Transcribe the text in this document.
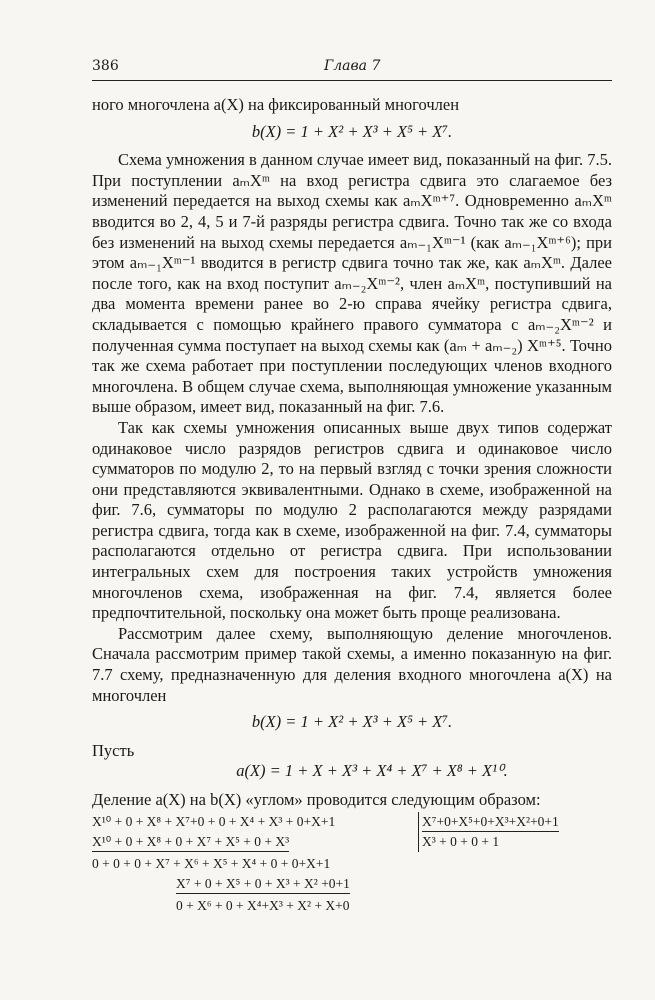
386	Глава 7

ного многочлена a(X) на фиксированный многочлен

b(X) = 1 + X² + X³ + X⁵ + X⁷.

Схема умножения в данном случае имеет вид, показанный на фиг. 7.5. При поступлении aₘXᵐ на вход регистра сдвига это слагаемое без изменений передается на выход схемы как aₘXᵐ⁺⁷. Одновременно aₘXᵐ вводится во 2, 4, 5 и 7-й разряды регистра сдвига. Точно так же со входа без изменений на выход схемы передается aₘ₋₁Xᵐ⁻¹ (как aₘ₋₁Xᵐ⁺⁶); при этом aₘ₋₁Xᵐ⁻¹ вводится в регистр сдвига точно так же, как aₘXᵐ. Далее после того, как на вход поступит aₘ₋₂Xᵐ⁻², член aₘXᵐ, поступивший на два момента времени ранее во 2-ю справа ячейку регистра сдвига, складывается с помощью крайнего правого сумматора с aₘ₋₂Xᵐ⁻² и полученная сумма поступает на выход схемы как (aₘ + aₘ₋₂) Xᵐ⁺⁵. Точно так же схема работает при поступлении последующих членов входного многочлена. В общем случае схема, выполняющая умножение указанным выше образом, имеет вид, показанный на фиг. 7.6.

Так как схемы умножения описанных выше двух типов содержат одинаковое число разрядов регистров сдвига и одинаковое число сумматоров по модулю 2, то на первый взгляд с точки зрения сложности они представляются эквивалентными. Однако в схеме, изображенной на фиг. 7.6, сумматоры по модулю 2 располагаются между разрядами регистра сдвига, тогда как в схеме, изображенной на фиг. 7.4, сумматоры располагаются отдельно от регистра сдвига. При использовании интегральных схем для построения таких устройств умножения многочленов схема, изображенная на фиг. 7.4, является более предпочтительной, поскольку она может быть проще реализована.

Рассмотрим далее схему, выполняющую деление многочленов. Сначала рассмотрим пример такой схемы, а именно показанную на фиг. 7.7 схему, предназначенную для деления входного многочлена a(X) на многочлен

b(X) = 1 + X² + X³ + X⁵ + X⁷.

Пусть

a(X) = 1 + X + X³ + X⁴ + X⁷ + X⁸ + X¹⁰.

Деление a(X) на b(X) «углом» проводится следующим образом:

X¹⁰ + 0 + X⁸ + X⁷+0 + 0 + X⁴ + X³ + 0+X+1	X⁷+0+X⁵+0+X³+X²+0+1
X¹⁰ + 0 + X⁸ + 0 + X⁷ + X⁵ + 0 + X³	X³ + 0 + 0 + 1
0 + 0 + 0 + X⁷ + X⁶ + X⁵ + X⁴ + 0 + 0+X+1
X⁷ + 0 + X⁵ + 0 + X³ + X² +0+1
0 + X⁶ + 0 + X⁴+X³ + X² + X+0
